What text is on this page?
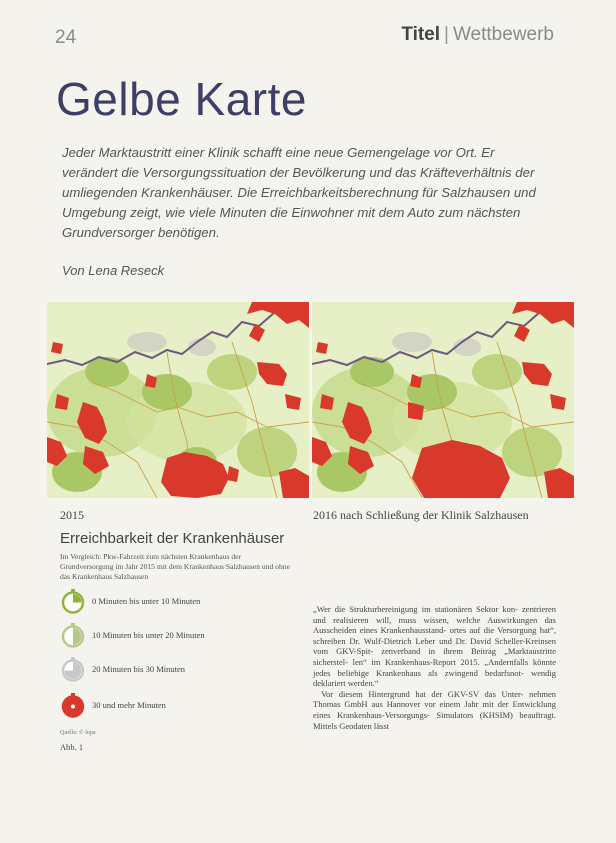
24	Titel | Wettbewerb
Gelbe Karte
Jeder Marktaustritt einer Klinik schafft eine neue Gemengelage vor Ort. Er verändert die Versorgungssituation der Bevölkerung und das Kräfteverhältnis der umliegenden Krankenhäuser. Die Erreichbarkeitsberechnung für Salzhausen und Umgebung zeigt, wie viele Minuten die Einwohner mit dem Auto zum nächsten Grundversorger benötigen.
Von Lena Reseck
2015	2016 nach Schließung der Klinik Salzhausen
Erreichbarkeit der Krankenhäuser
Im Vergleich: Pkw-Fahrzeit zum nächsten Krankenhaus der Grundversorgung im Jahr 2015 mit dem Krankenhaus Salzhausen und ohne das Krankenhaus Salzhausen
0 Minuten bis unter 10 Minuten
10 Minuten bis unter 20 Minuten
20 Minuten bis 30 Minuten
30 und mehr Minuten
Quelle: © lupa
Abb. 1

„Wer die Strukturbereinigung im stationären Sektor kon- zentrieren und realisieren will, muss wissen, welche Auswirkungen das Ausscheiden eines Krankenhausstand- ortes auf die Versorgung hat“, schreiben Dr. Wulf-Dietrich Leber und Dr. David Scheller-Kreinsen vom GKV-Spit- zenverband in ihrem Beitrag „Marktaustritte sicherstel- len“ im Krankenhaus-Report 2015. „Andernfalls könnte jedes beliebige Krankenhaus als zwingend bedarfsnot- wendig deklariert werden.“

Vor diesem Hintergrund hat der GKV-SV das Unter- nehmen Thomas GmbH aus Hannover vor einem Jahr mit der Entwicklung eines Krankenhaus-Versorgungs- Simulators (KHSIM) beauftragt. Mittels Geodaten lässt
